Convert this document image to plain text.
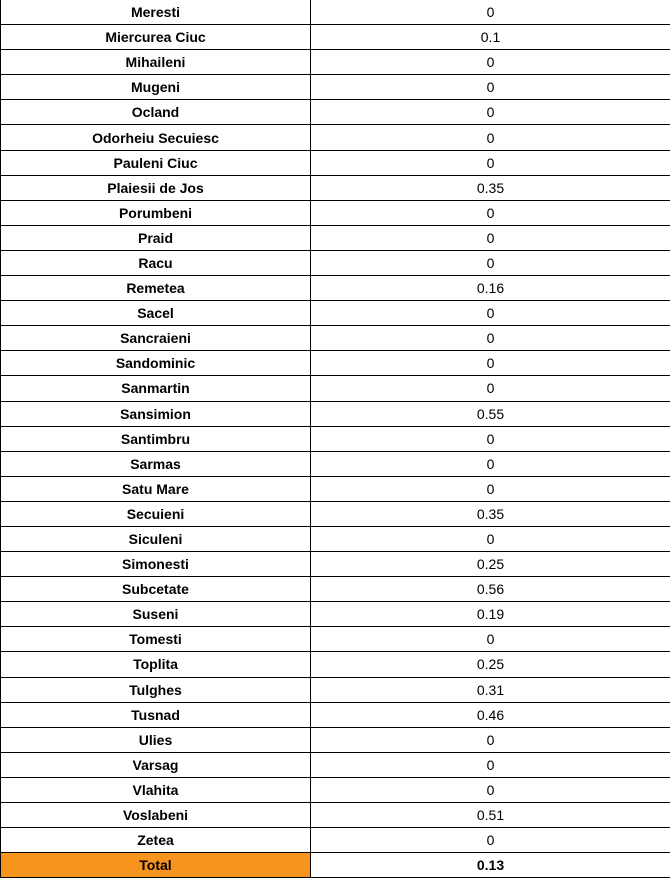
Meresti	0
Miercurea Ciuc	0.1
Mihaileni	0
Mugeni	0
Ocland	0
Odorheiu Secuiesc	0
Pauleni Ciuc	0
Plaiesii de Jos	0.35
Porumbeni	0
Praid	0
Racu	0
Remetea	0.16
Sacel	0
Sancraieni	0
Sandominic	0
Sanmartin	0
Sansimion	0.55
Santimbru	0
Sarmas	0
Satu Mare	0
Secuieni	0.35
Siculeni	0
Simonesti	0.25
Subcetate	0.56
Suseni	0.19
Tomesti	0
Toplita	0.25
Tulghes	0.31
Tusnad	0.46
Ulies	0
Varsag	0
Vlahita	0
Voslabeni	0.51
Zetea	0
Total	0.13
